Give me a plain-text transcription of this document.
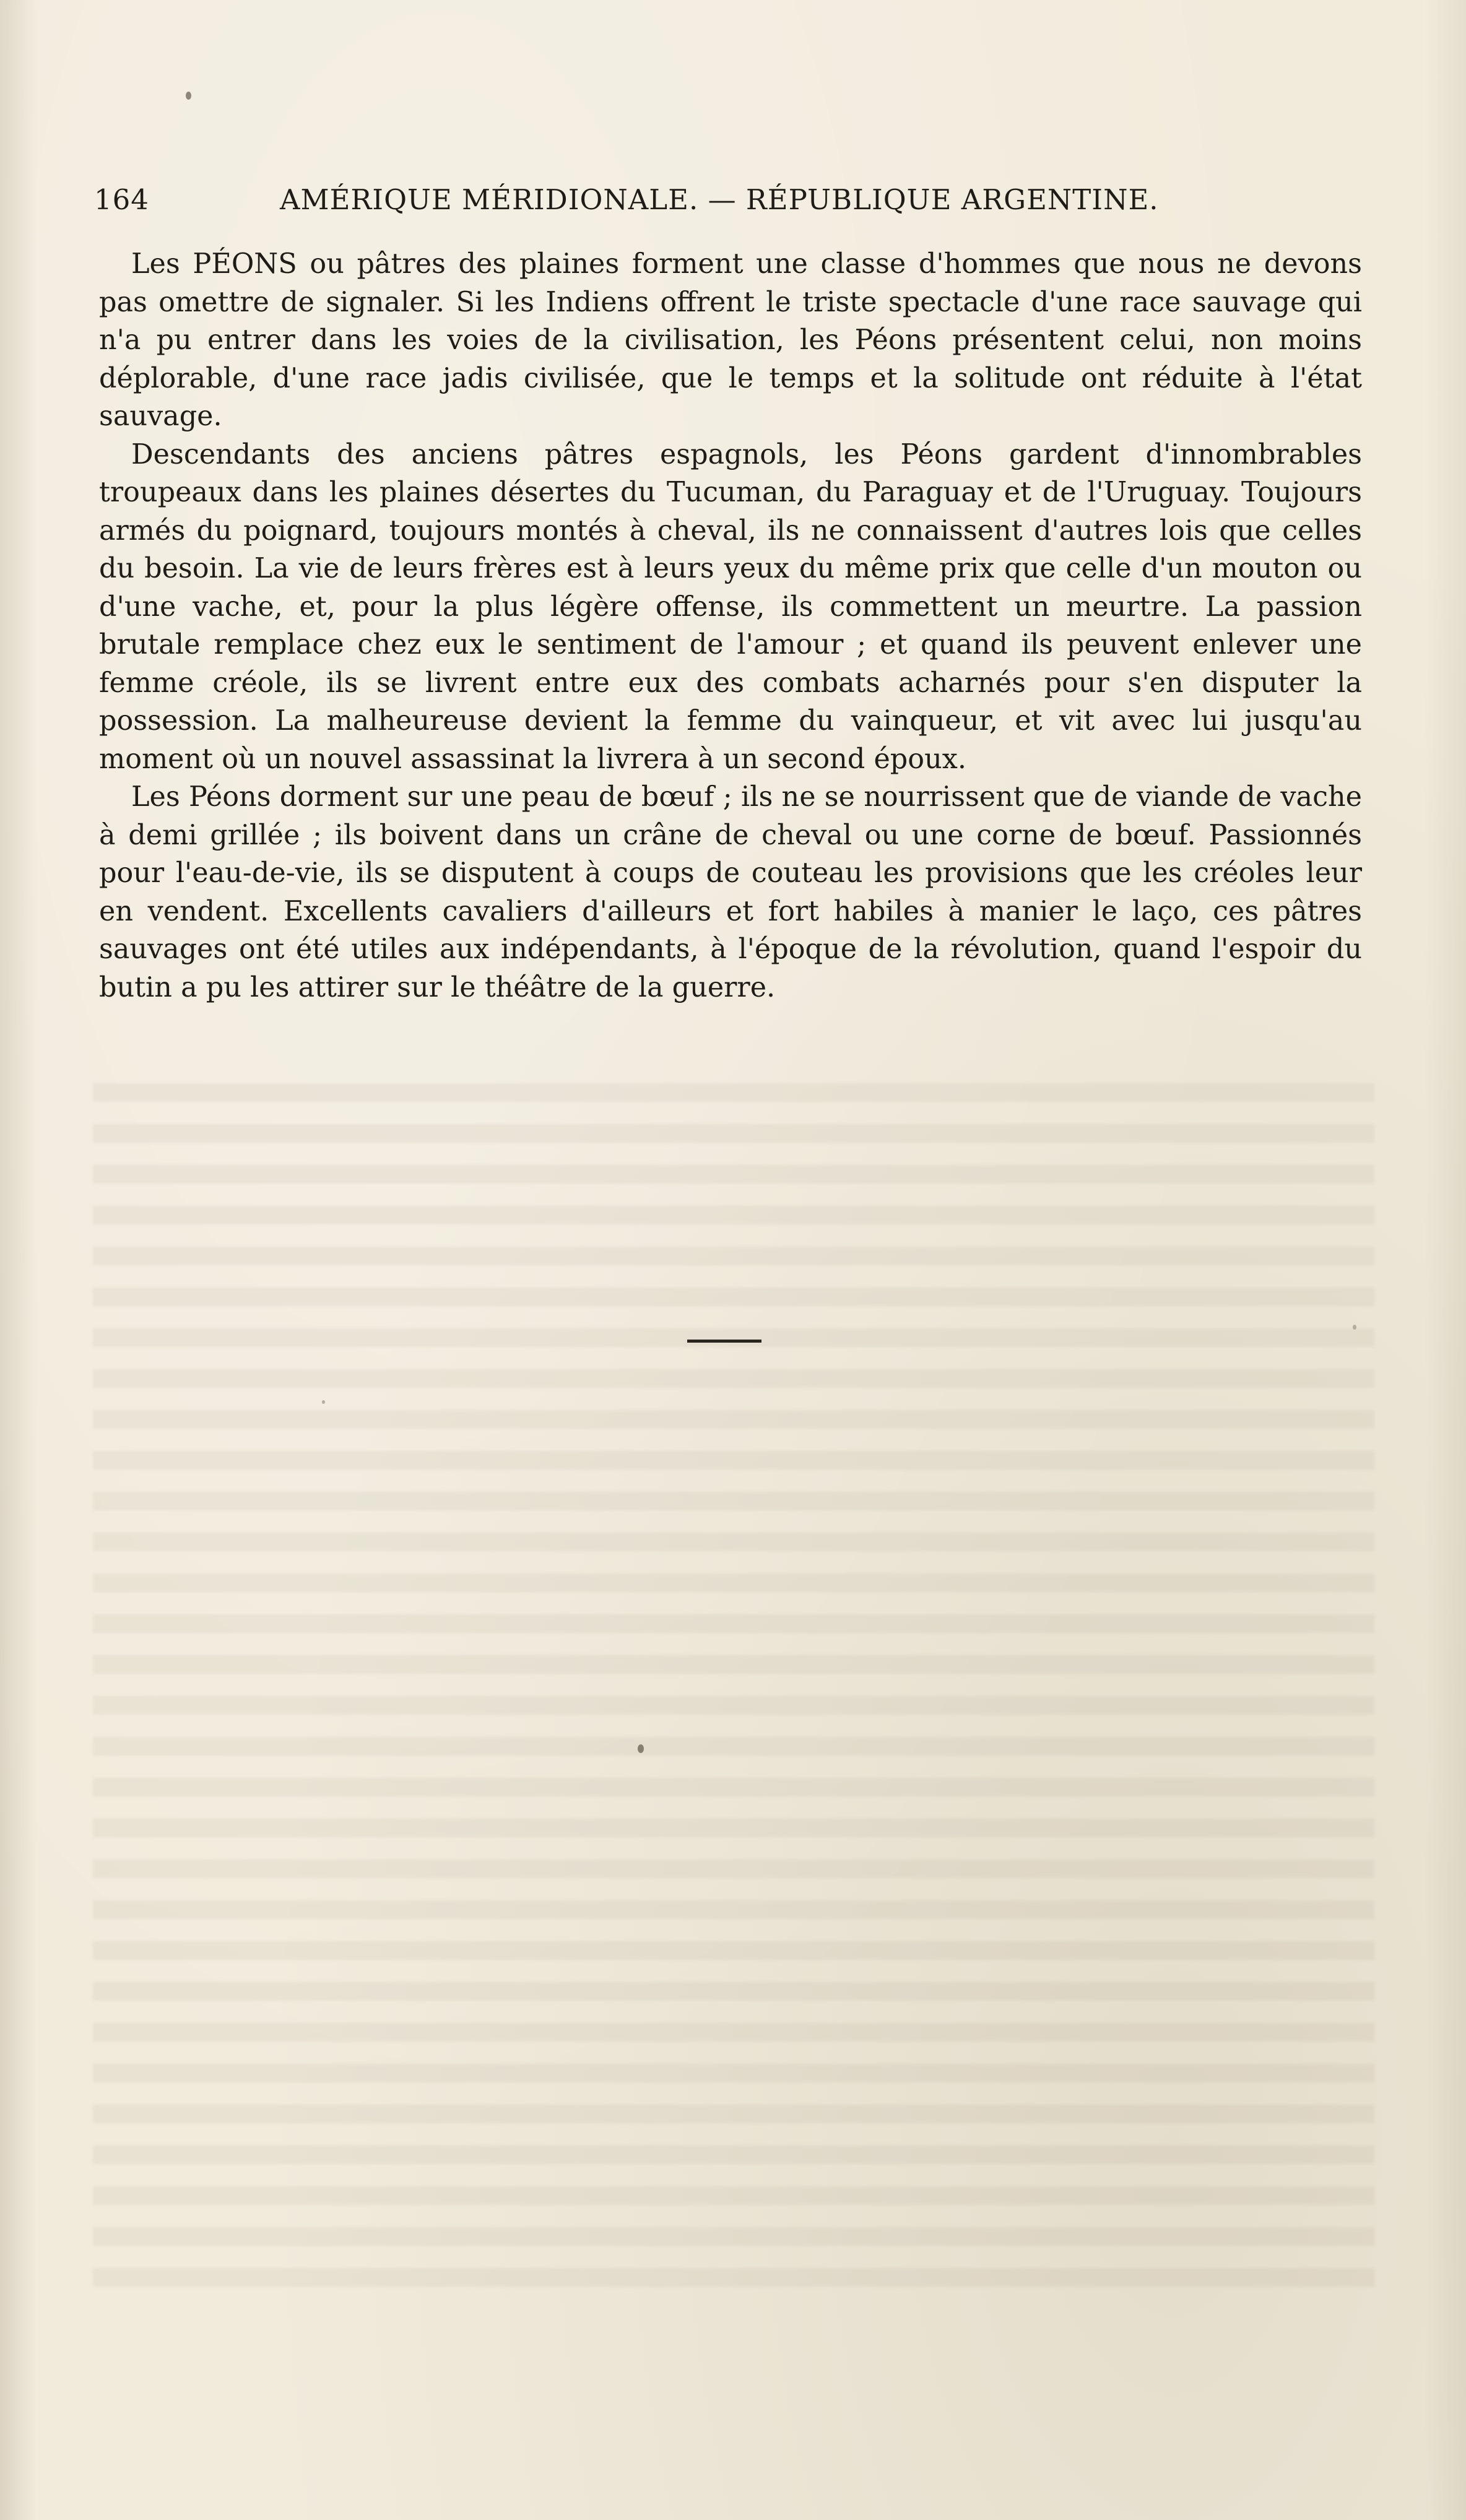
164	AMÉRIQUE MÉRIDIONALE. — RÉPUBLIQUE ARGENTINE.

Les PÉONS ou pâtres des plaines forment une classe d'hommes que nous ne devons pas omettre de signaler. Si les Indiens offrent le triste spectacle d'une race sauvage qui n'a pu entrer dans les voies de la civilisation, les Péons présentent celui, non moins déplorable, d'une race jadis civilisée, que le temps et la solitude ont réduite à l'état sauvage.

Descendants des anciens pâtres espagnols, les Péons gardent d'innombrables troupeaux dans les plaines désertes du Tucuman, du Paraguay et de l'Uruguay. Toujours armés du poignard, toujours montés à cheval, ils ne connaissent d'autres lois que celles du besoin. La vie de leurs frères est à leurs yeux du même prix que celle d'un mouton ou d'une vache, et, pour la plus légère offense, ils commettent un meurtre. La passion brutale remplace chez eux le sentiment de l'amour ; et quand ils peuvent enlever une femme créole, ils se livrent entre eux des combats acharnés pour s'en disputer la possession. La malheureuse devient la femme du vainqueur, et vit avec lui jusqu'au moment où un nouvel assassinat la livrera à un second époux.

Les Péons dorment sur une peau de bœuf ; ils ne se nourrissent que de viande de vache à demi grillée ; ils boivent dans un crâne de cheval ou une corne de bœuf. Passionnés pour l'eau-de-vie, ils se disputent à coups de couteau les provisions que les créoles leur en vendent. Excellents cavaliers d'ailleurs et fort habiles à manier le laço, ces pâtres sauvages ont été utiles aux indépendants, à l'époque de la révolution, quand l'espoir du butin a pu les attirer sur le théâtre de la guerre.
